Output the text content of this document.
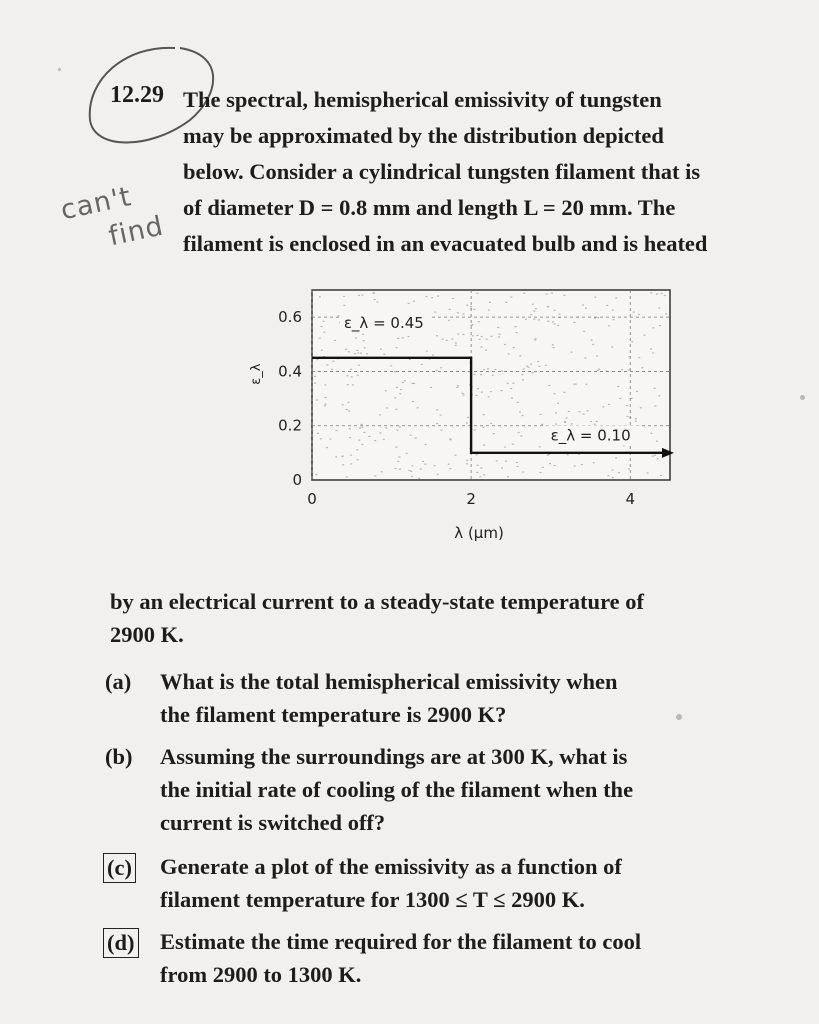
12.29 The spectral, hemispherical emissivity of tungsten
may be approximated by the distribution depicted
below. Consider a cylindrical tungsten filament that is
of diameter D = 0.8 mm and length L = 20 mm. The
filament is enclosed in an evacuated bulb and is heated
can't
find
0
0.2
0.4
0.6
0	2	4
λ (μm)
ε_λ
ε_λ = 0.45
ε_λ = 0.10
by an electrical current to a steady-state temperature of
2900 K.
(a) What is the total hemispherical emissivity when
the filament temperature is 2900 K?
(b) Assuming the surroundings are at 300 K, what is
the initial rate of cooling of the filament when the
current is switched off?
(c) Generate a plot of the emissivity as a function of
filament temperature for 1300 ≤ T ≤ 2900 K.
(d) Estimate the time required for the filament to cool
from 2900 to 1300 K.
